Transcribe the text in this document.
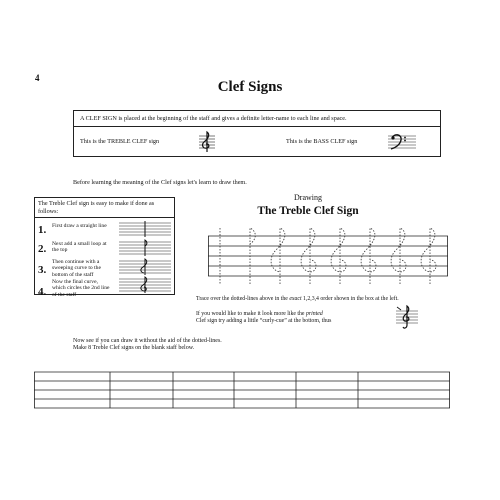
4
Clef Signs
A CLEF SIGN is placed at the beginning of the staff and gives a definite letter-name to each line and space.
This is the TREBLE CLEF sign	This is the BASS CLEF sign
Before learning the meaning of the Clef signs let's learn to draw them.
The Treble Clef sign is easy to make if done as follows:
1. First draw a straight line
2. Next add a small loop at the top
3.
Then continue with a sweeping curve to the bottom of the staff
4.
Now the final curve, which circles the 2nd line of the staff
Drawing
The Treble Clef Sign
Trace over the dotted-lines above in the exact 1,2,3,4 order shown in the box at the left.
If you would like to make it look more like the printed
Clef sign try adding a little “curly-cue” at the bottom, thus
Now see if you can draw it without the aid of the dotted-lines.
Make 8 Treble Clef signs on the blank staff below.
